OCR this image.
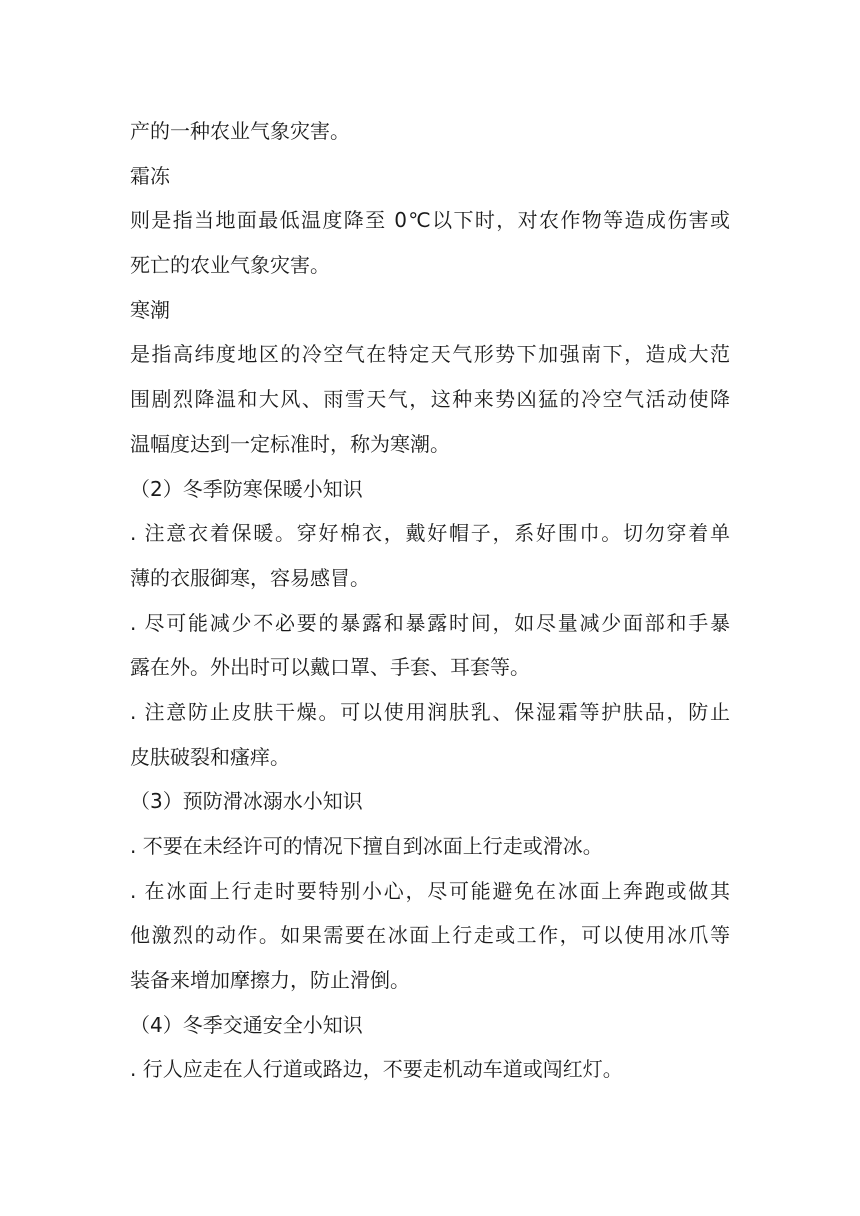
产的一种农业气象灾害。
霜冻
则是指当地面最低温度降至 0℃以下时，对农作物等造成伤害或
死亡的农业气象灾害。
寒潮
是指高纬度地区的冷空气在特定天气形势下加强南下，造成大范
围剧烈降温和大风、雨雪天气，这种来势凶猛的冷空气活动使降
温幅度达到一定标准时，称为寒潮。
（2）冬季防寒保暖小知识
. 注意衣着保暖。穿好棉衣，戴好帽子，系好围巾。切勿穿着单
薄的衣服御寒，容易感冒。
. 尽可能减少不必要的暴露和暴露时间，如尽量减少面部和手暴
露在外。外出时可以戴口罩、手套、耳套等。
. 注意防止皮肤干燥。可以使用润肤乳、保湿霜等护肤品，防止
皮肤破裂和瘙痒。
（3）预防滑冰溺水小知识
. 不要在未经许可的情况下擅自到冰面上行走或滑冰。
. 在冰面上行走时要特别小心，尽可能避免在冰面上奔跑或做其
他激烈的动作。如果需要在冰面上行走或工作，可以使用冰爪等
装备来增加摩擦力，防止滑倒。
（4）冬季交通安全小知识
. 行人应走在人行道或路边，不要走机动车道或闯红灯。
